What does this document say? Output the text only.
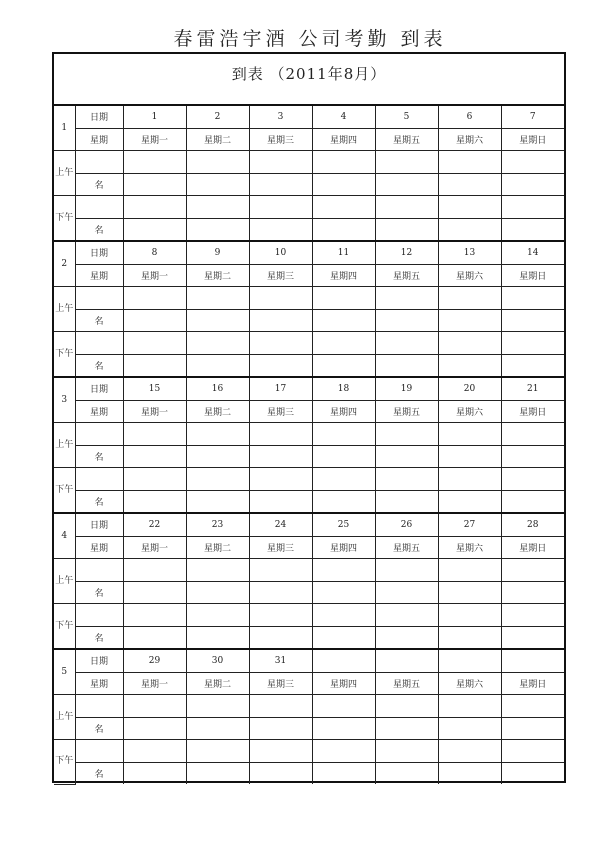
春雷浩宇酒 公司考勤 到表
到表 （2011年8月）
1	日期	1	2	3	4	5	6	7
	星期	星期一	星期二	星期三	星期四	星期五	星期六	星期日
上午								
	名							
下午								
	名							
2	日期	8	9	10	11	12	13	14
	星期	星期一	星期二	星期三	星期四	星期五	星期六	星期日
上午								
	名							
下午								
	名							
3	日期	15	16	17	18	19	20	21
	星期	星期一	星期二	星期三	星期四	星期五	星期六	星期日
上午								
	名							
下午								
	名							
4	日期	22	23	24	25	26	27	28
	星期	星期一	星期二	星期三	星期四	星期五	星期六	星期日
上午								
	名							
下午								
	名							
5	日期	29	30	31				
	星期	星期一	星期二	星期三	星期四	星期五	星期六	星期日
上午								
	名							
下午								
	名							
